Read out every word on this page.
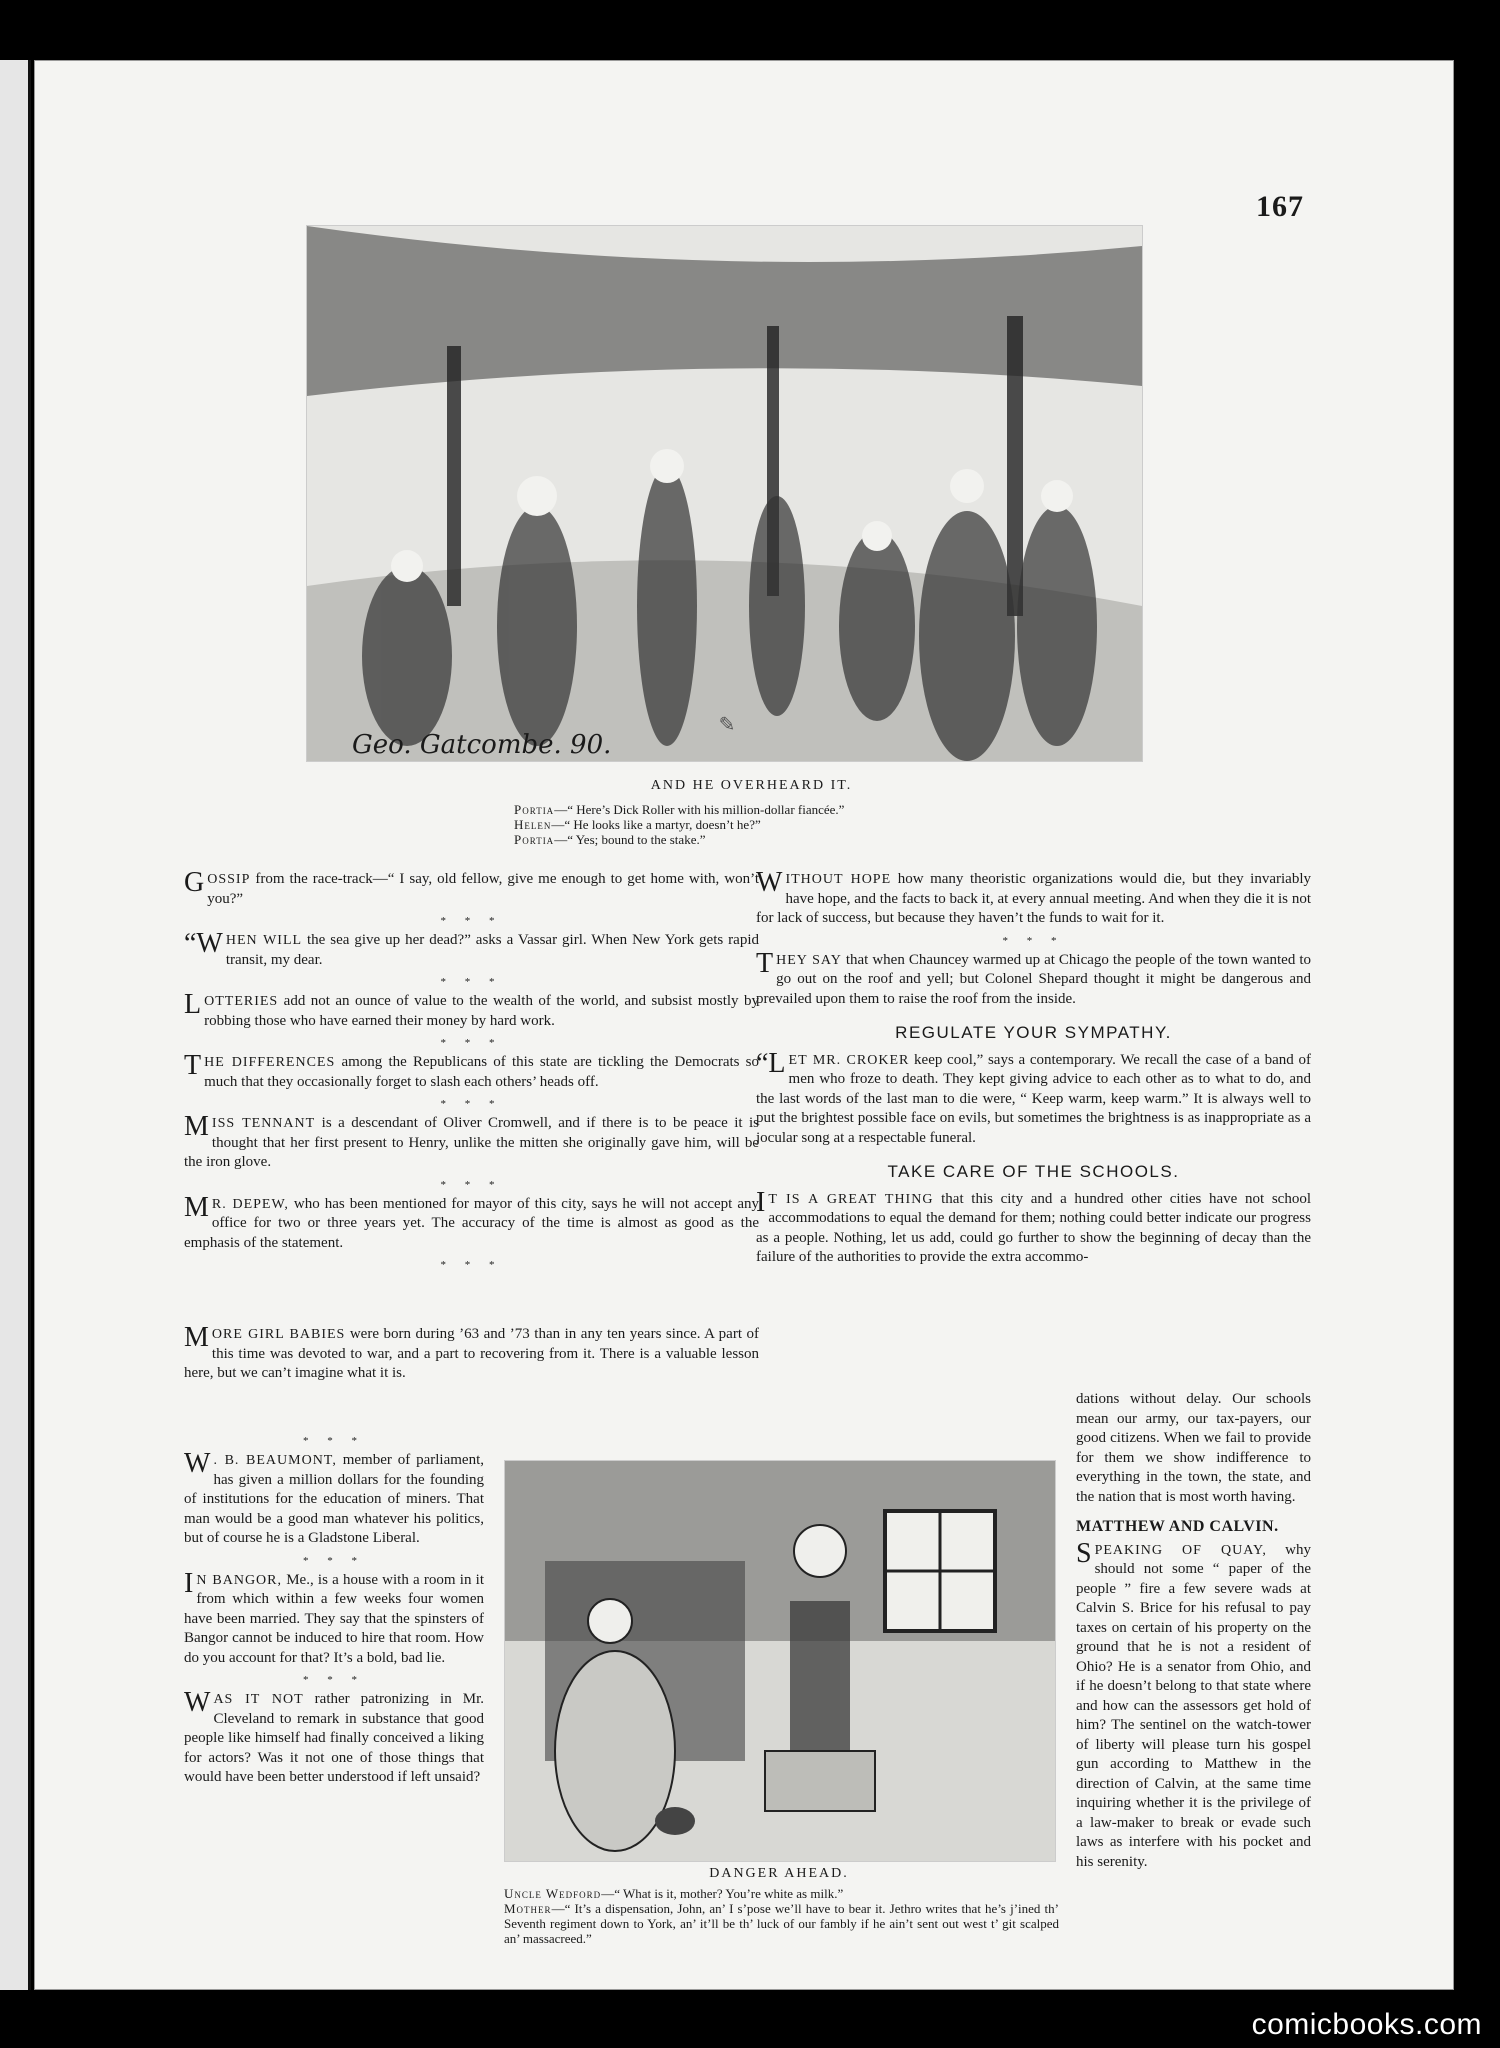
167
✎
Geo. Gatcombe. 90.
AND HE OVERHEARD IT.
Portia—“ Here’s Dick Roller with his million-dollar fiancée.”
Helen—“ He looks like a martyr, doesn’t he?”
Portia—“ Yes; bound to the stake.”

GOSSIP from the race-track—“ I say, old fellow, give me enough to get home with, won’t you?”

* * *

“WHEN WILL the sea give up her dead?” asks a Vassar girl. When New York gets rapid transit, my dear.

* * *

LOTTERIES add not an ounce of value to the wealth of the world, and subsist mostly by robbing those who have earned their money by hard work.

* * *

THE DIFFERENCES among the Republicans of this state are tickling the Democrats so much that they occasionally forget to slash each others’ heads off.

* * *

MISS TENNANT is a descendant of Oliver Cromwell, and if there is to be peace it is thought that her first present to Henry, unlike the mitten she originally gave him, will be the iron glove.

* * *

M R. DEPEW, who has been mentioned for mayor of this city, says he will not accept any office for two or three years yet. The accuracy of the time is almost as good as the emphasis of the statement.

* * *

MORE GIRL BABIES were born during ’63 and ’73 than in any ten years since. A part of this time was devoted to war, and a part to recovering from it. There is a valuable lesson here, but we can’t imagine what it is.

* * *

W . B. BEAUMONT, member of parliament, has given a million dollars for the founding of institutions for the education of miners. That man would be a good man whatever his politics, but of course he is a Gladstone Liberal.

* * *

I N BANGOR, Me., is a house with a room in it from which within a few weeks four women have been married. They say that the spinsters of Bangor cannot be induced to hire that room. How do you account for that? It’s a bold, bad lie.

* * *

WAS IT NOT rather patronizing in Mr. Cleveland to remark in substance that good people like himself had finally conceived a liking for actors? Was it not one of those things that would have been better understood if left unsaid?

DANGER AHEAD.
Uncle Wedford—“ What is it, mother? You’re white as milk.”
Mother—“ It’s a dispensation, John, an’ I s’pose we’ll have to bear it. Jethro writes that he’s j’ined th’ Seventh regiment down to York, an’ it’ll be th’ luck of our fambly if he ain’t sent out west t’ git scalped an’ massacreed.”

WITHOUT HOPE how many theoristic organizations would die, but they invariably have hope, and the facts to back it, at every annual meeting. And when they die it is not for lack of success, but because they haven’t the funds to wait for it.

* * *

THEY SAY that when Chauncey warmed up at Chicago the people of the town wanted to go out on the roof and yell; but Colonel Shepard thought it might be dangerous and prevailed upon them to raise the roof from the inside.

REGULATE YOUR SYMPATHY.

“LET MR. CROKER keep cool,” says a contemporary. We recall the case of a band of men who froze to death. They kept giving advice to each other as to what to do, and the last words of the last man to die were, “ Keep warm, keep warm.” It is always well to put the brightest possible face on evils, but sometimes the brightness is as inappropriate as a jocular song at a respectable funeral.

TAKE CARE OF THE SCHOOLS.

I T IS A GREAT THING that this city and a hundred other cities have not school accommodations to equal the demand for them; nothing could better indicate our progress as a people. Nothing, let us add, could go further to show the beginning of decay than the failure of the authorities to provide the extra accommo-

dations without delay. Our schools mean our army, our tax-payers, our good citizens. When we fail to provide for them we show indifference to everything in the town, the state, and the nation that is most worth having.

MATTHEW AND CALVIN.

SPEAKING OF QUAY, why should not some “ paper of the people ” fire a few severe wads at Calvin S. Brice for his refusal to pay taxes on certain of his property on the ground that he is not a resident of Ohio? He is a senator from Ohio, and if he doesn’t belong to that state where and how can the assessors get hold of him? The sentinel on the watch-tower of liberty will please turn his gospel gun according to Matthew in the direction of Calvin, at the same time inquiring whether it is the privilege of a law-maker to break or evade such laws as interfere with his pocket and his serenity.

comicbooks.com
